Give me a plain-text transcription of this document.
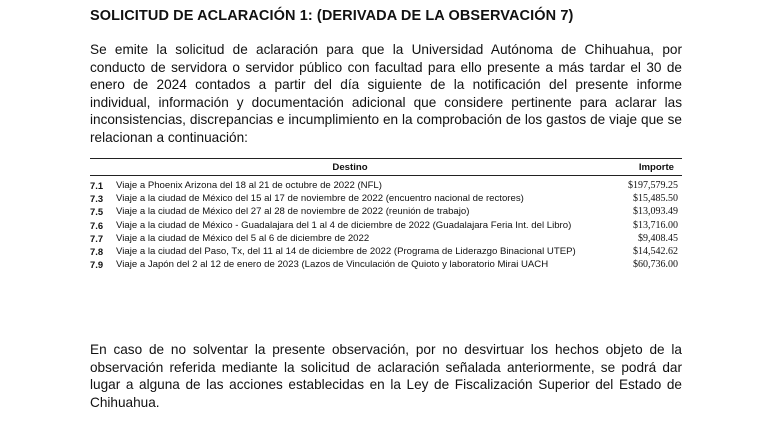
SOLICITUD DE ACLARACIÓN 1: (DERIVADA DE LA OBSERVACIÓN 7)
Se emite la solicitud de aclaración para que la Universidad Autónoma de Chihuahua, por conducto de servidora o servidor público con facultad para ello presente a más tardar el 30 de enero de 2024 contados a partir del día siguiente de la notificación del presente informe individual, información y documentación adicional que considere pertinente para aclarar las inconsistencias, discrepancias e incumplimiento en la comprobación de los gastos de viaje que se relacionan a continuación:
Destino	Importe
7.1	Viaje a Phoenix Arizona del 18 al 21 de octubre de 2022 (NFL)	$197,579.25
7.3	Viaje a la ciudad de México del 15 al 17 de noviembre de 2022 (encuentro nacional de rectores)	$15,485.50
7.5	Viaje a la ciudad de México del 27 al 28 de noviembre de 2022 (reunión de trabajo)	$13,093.49
7.6	Viaje a la ciudad de México - Guadalajara del 1 al 4 de diciembre de 2022 (Guadalajara Feria Int. del Libro)	$13,716.00
7.7	Viaje a la ciudad de México del 5 al 6 de diciembre de 2022	$9,408.45
7.8	Viaje a la ciudad del Paso, Tx, del 11 al 14 de diciembre de 2022 (Programa de Liderazgo Binacional UTEP)	$14,542.62
7.9	Viaje a Japón del 2 al 12 de enero de 2023 (Lazos de Vinculación de Quioto y laboratorio Mirai UACH	$60,736.00
En caso de no solventar la presente observación, por no desvirtuar los hechos objeto de la observación referida mediante la solicitud de aclaración señalada anteriormente, se podrá dar lugar a alguna de las acciones establecidas en la Ley de Fiscalización Superior del Estado de Chihuahua.
